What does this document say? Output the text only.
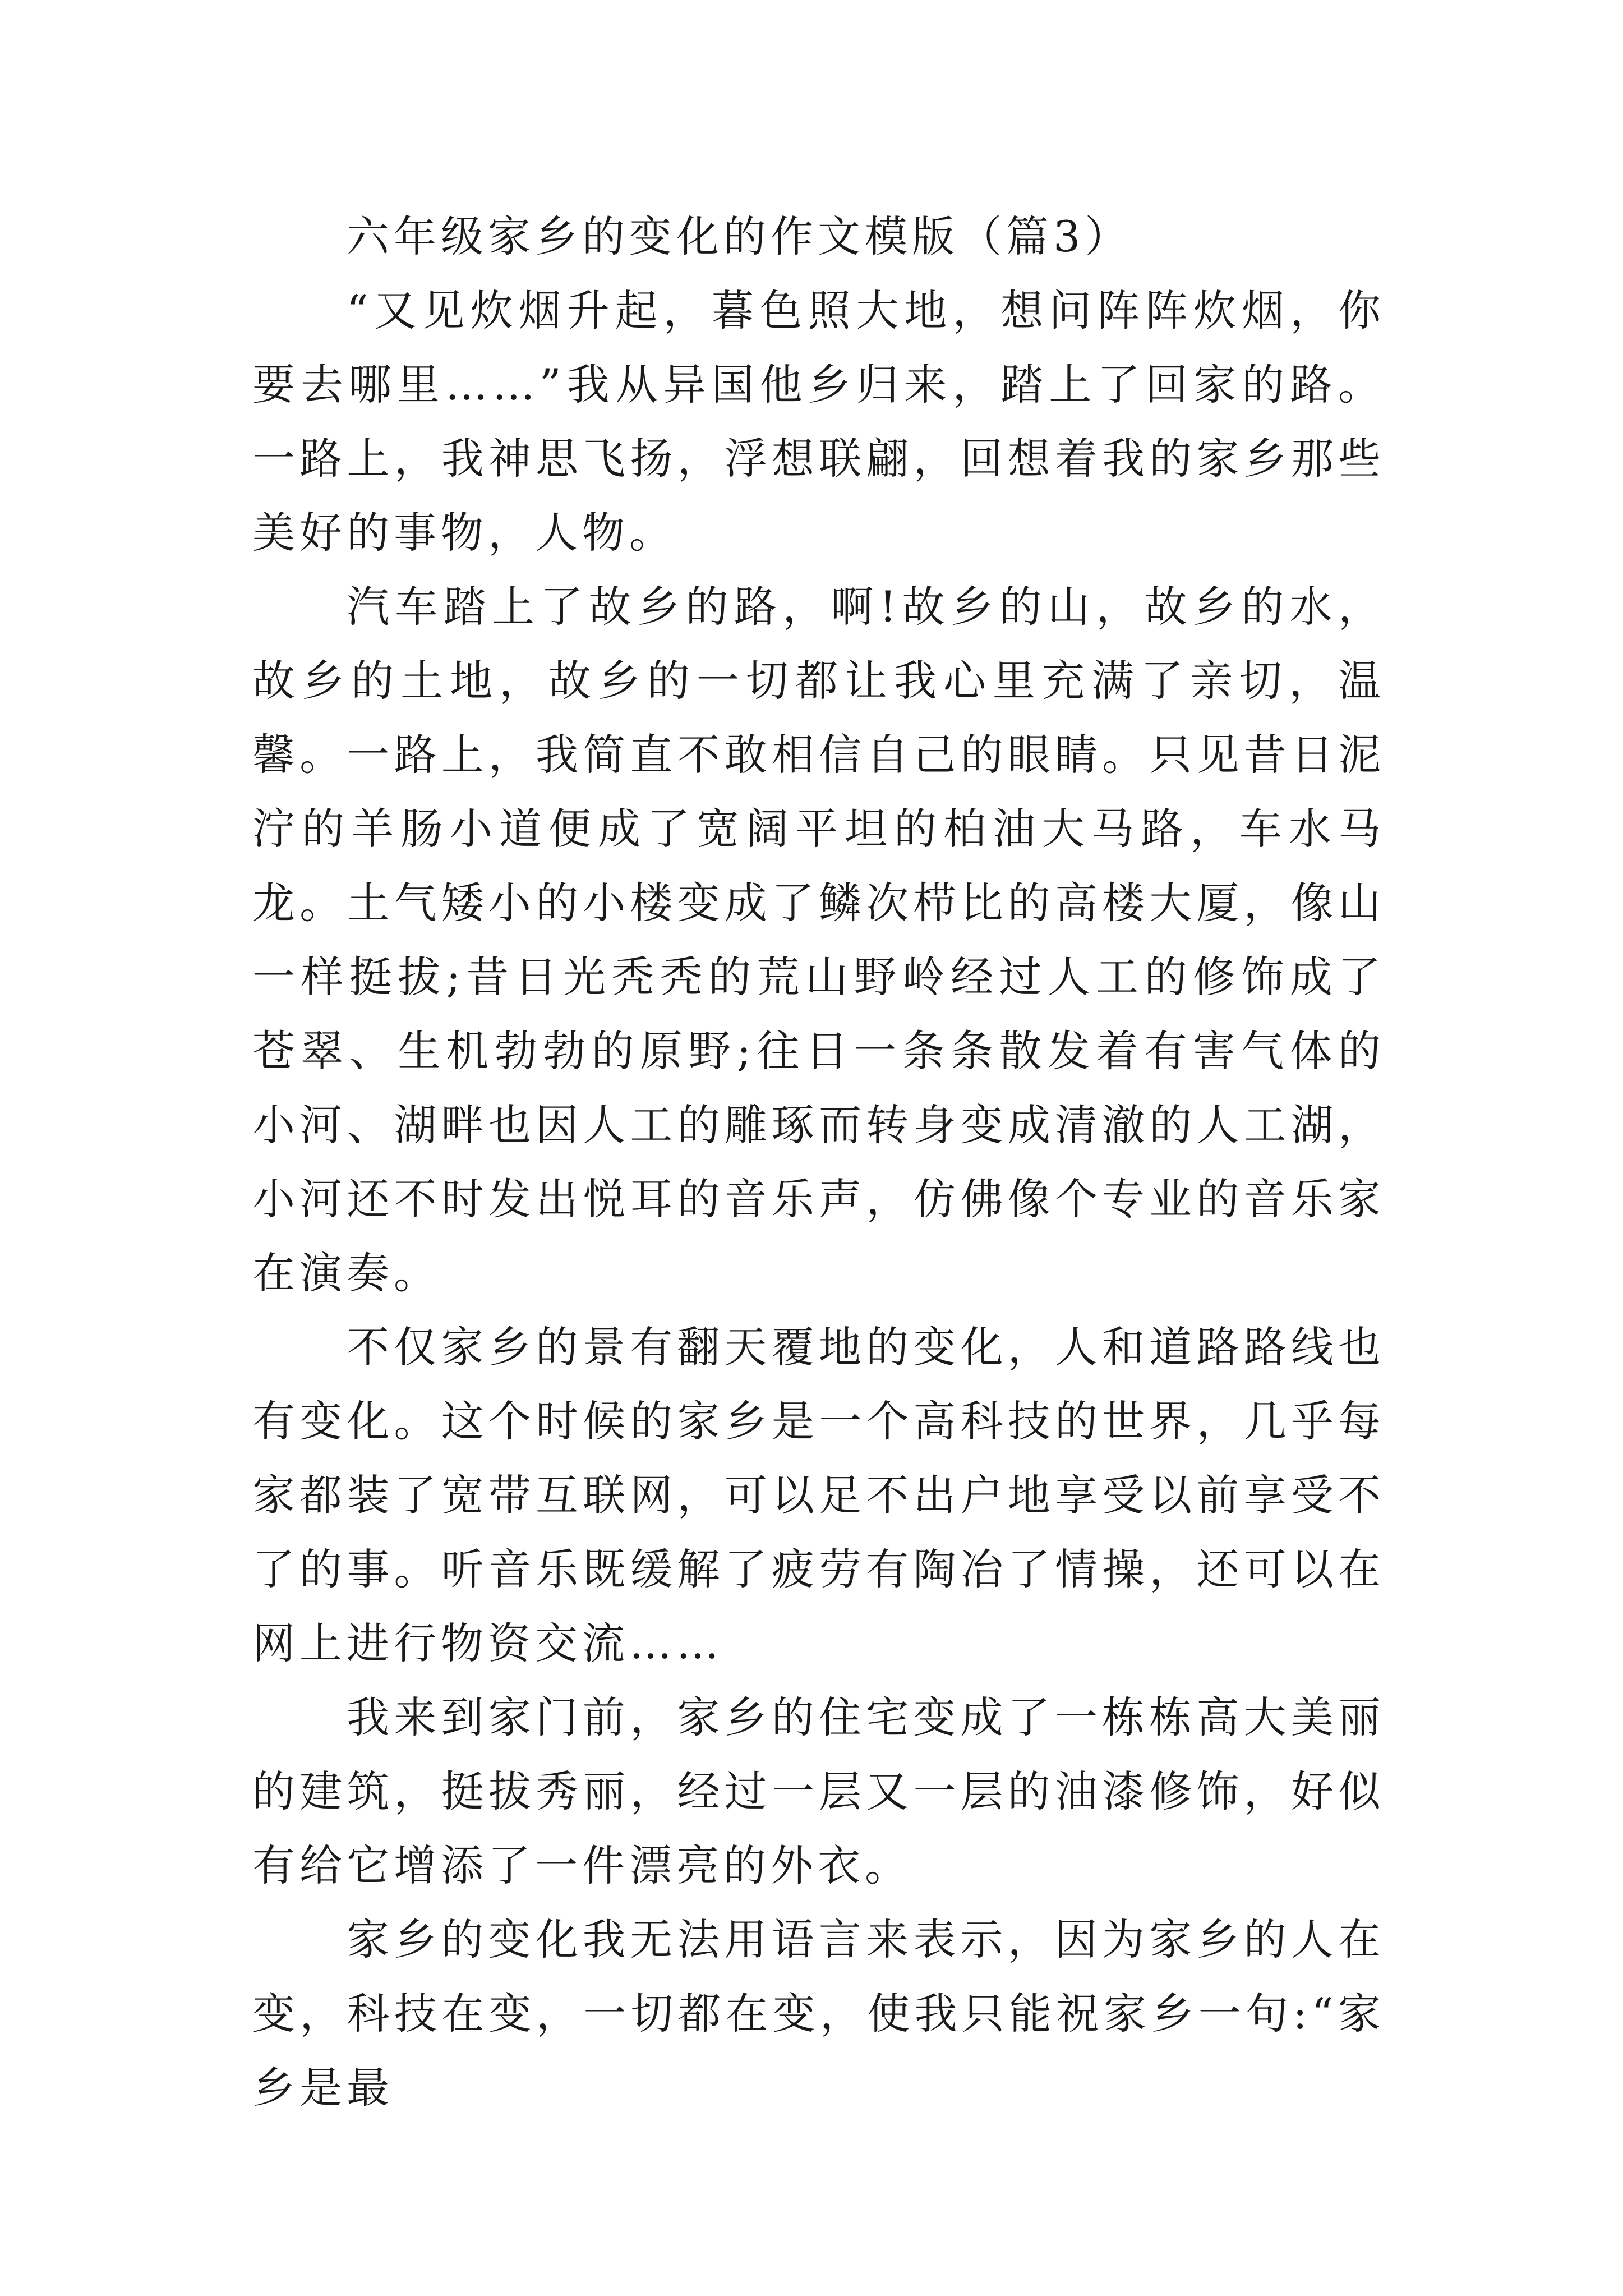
六年级家乡的变化的作文模版（篇3）

“又见炊烟升起，暮色照大地，想问阵阵炊烟，你要去哪里……”我从异国他乡归来，踏上了回家的路。一路上，我神思飞扬，浮想联翩，回想着我的家乡那些美好的事物，人物。

汽车踏上了故乡的路，啊!故乡的山，故乡的水，故乡的土地，故乡的一切都让我心里充满了亲切，温馨。一路上，我简直不敢相信自己的眼睛。只见昔日泥泞的羊肠小道便成了宽阔平坦的柏油大马路，车水马龙。土气矮小的小楼变成了鳞次栉比的高楼大厦，像山一样挺拔;昔日光秃秃的荒山野岭经过人工的修饰成了苍翠、生机勃勃的原野;往日一条条散发着有害气体的小河、湖畔也因人工的雕琢而转身变成清澈的人工湖，小河还不时发出悦耳的音乐声，仿佛像个专业的音乐家在演奏。

不仅家乡的景有翻天覆地的变化，人和道路路线也有变化。这个时候的家乡是一个高科技的世界，几乎每家都装了宽带互联网，可以足不出户地享受以前享受不了的事。听音乐既缓解了疲劳有陶冶了情操，还可以在网上进行物资交流……

我来到家门前，家乡的住宅变成了一栋栋高大美丽的建筑，挺拔秀丽，经过一层又一层的油漆修饰，好似有给它增添了一件漂亮的外衣。

家乡的变化我无法用语言来表示，因为家乡的人在变，科技在变，一切都在变，使我只能祝家乡一句:“家乡是最
